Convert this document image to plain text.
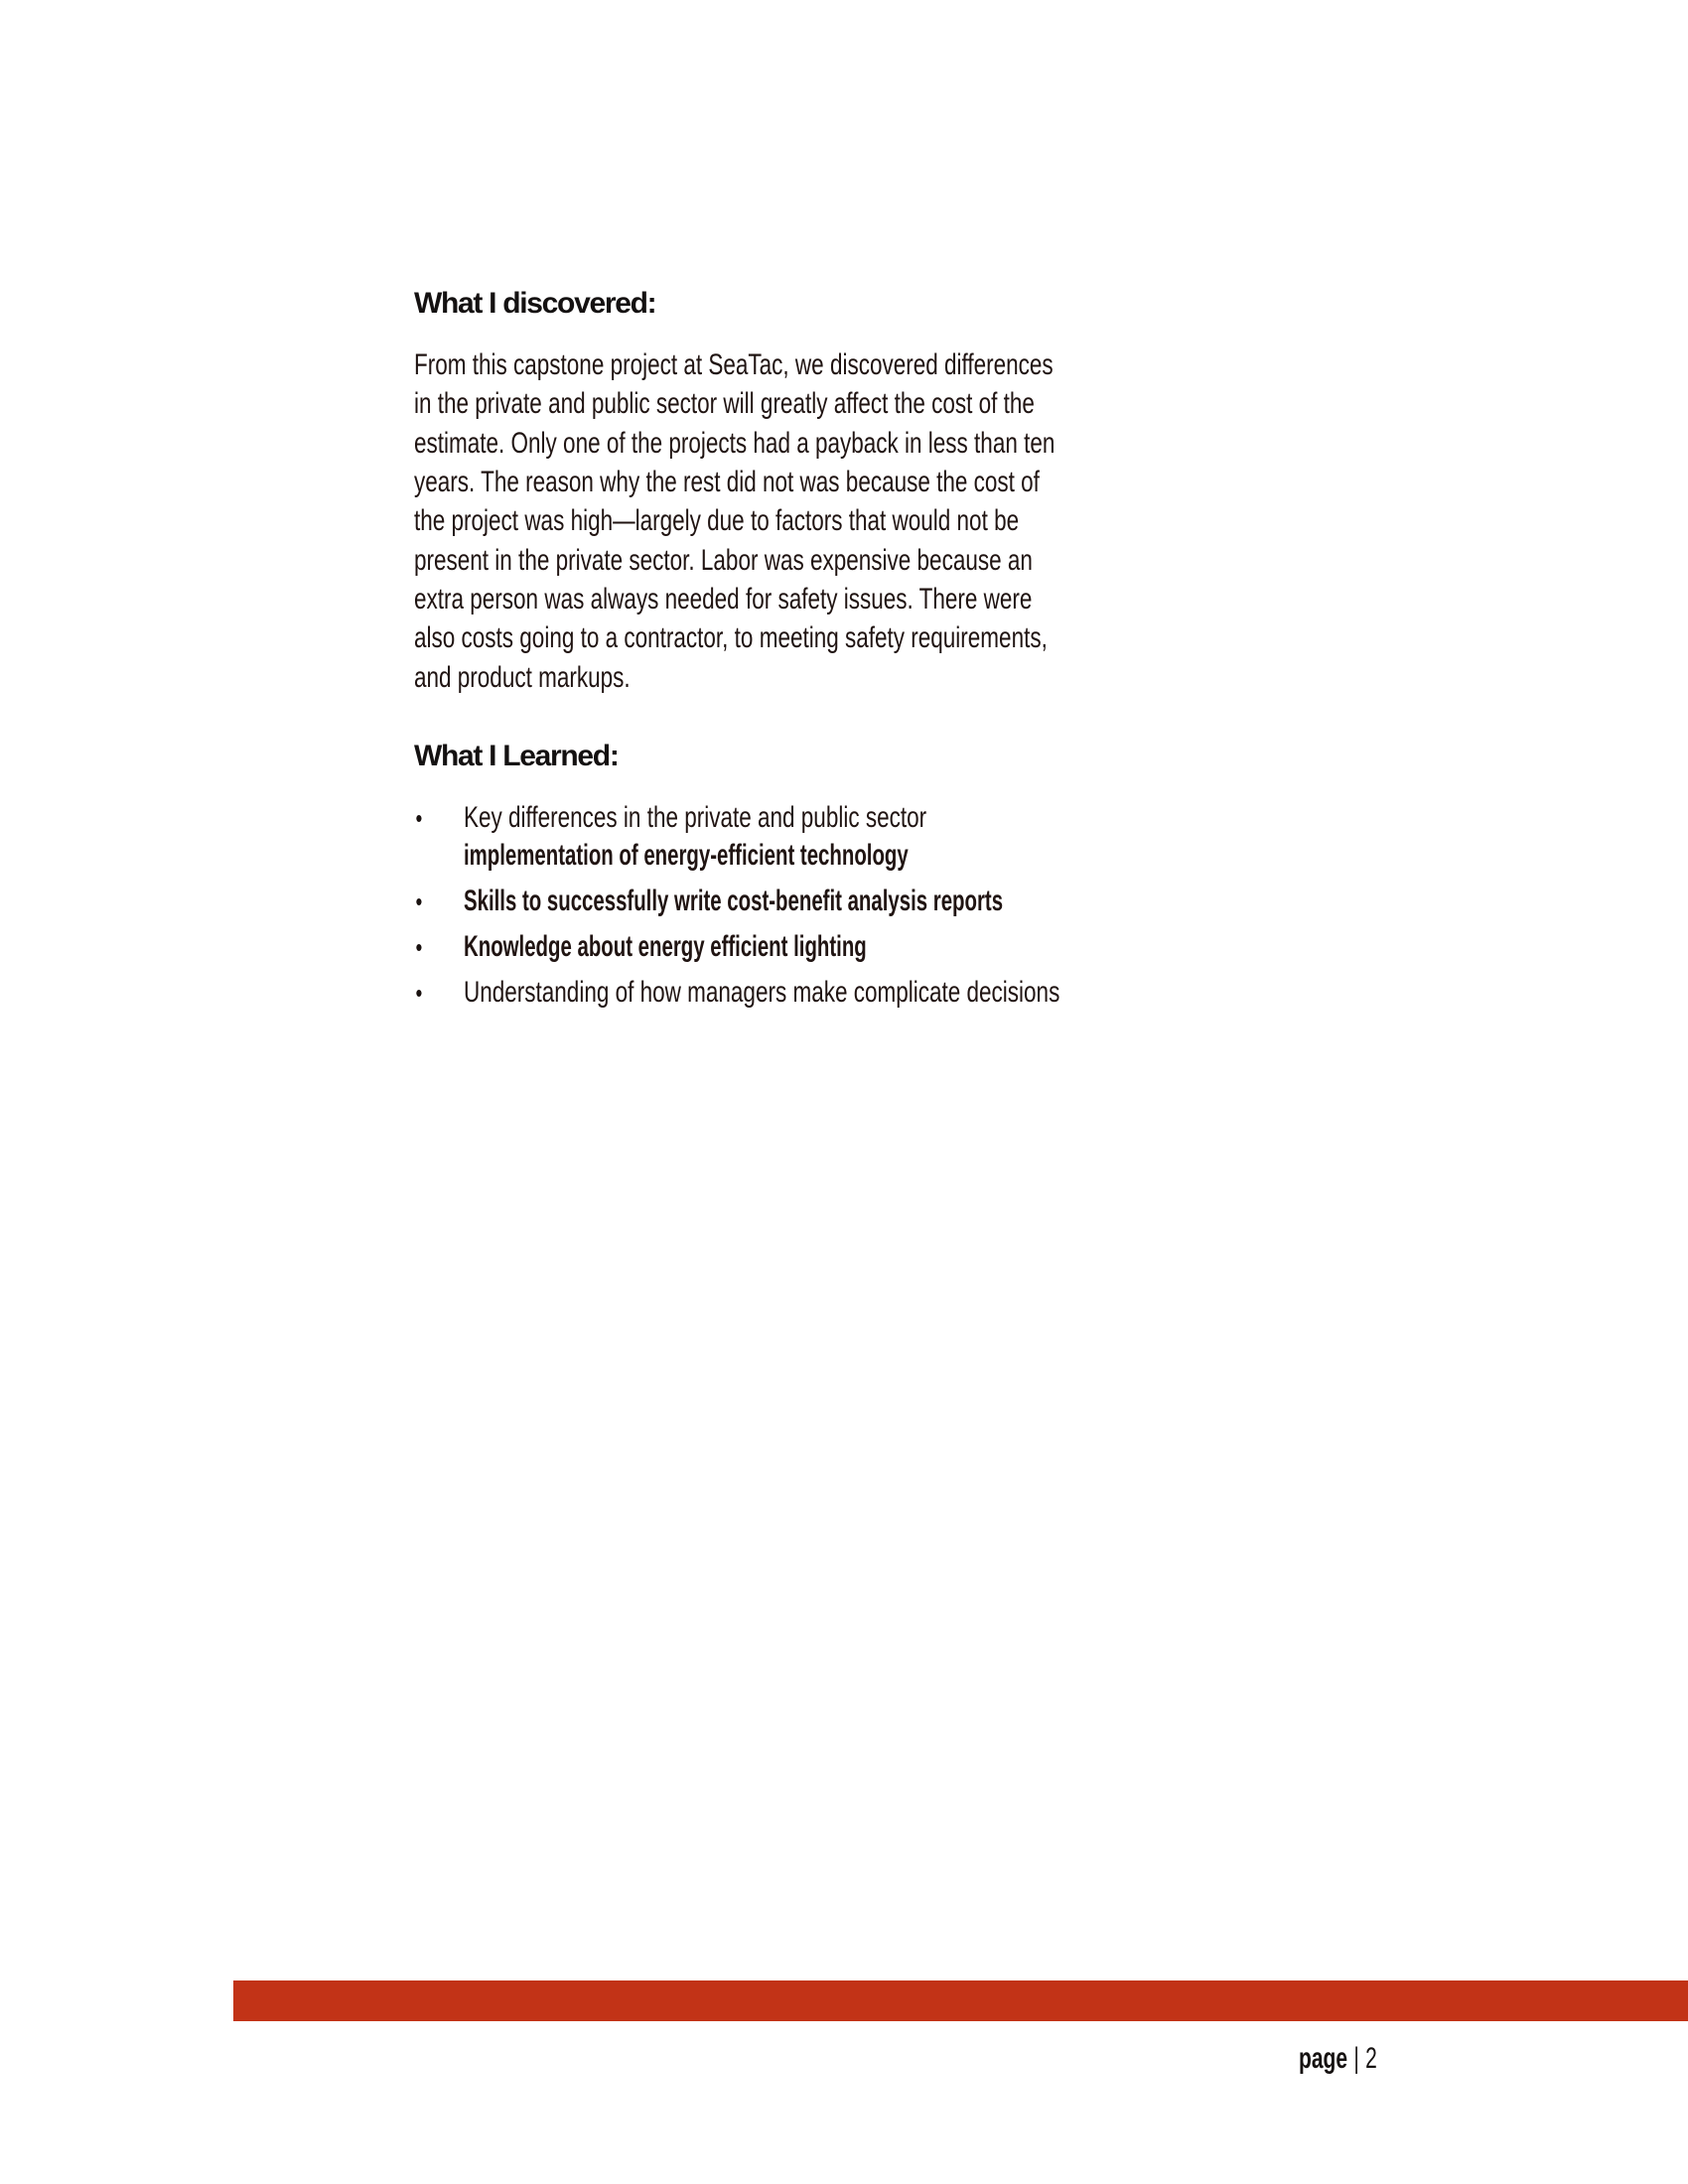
What I discovered:
From this capstone project at SeaTac, we discovered differences
in the private and public sector will greatly affect the cost of the
estimate. Only one of the projects had a payback in less than ten
years. The reason why the rest did not was because the cost of
the project was high—largely due to factors that would not be
present in the private sector. Labor was expensive because an
extra person was always needed for safety issues. There were
also costs going to a contractor, to meeting safety requirements,
and product markups.
What I Learned:
•	Key differences in the private and public sector
implementation of energy-efficient technology
•	Skills to successfully write cost-benefit analysis reports
•	Knowledge about energy efficient lighting
•	Understanding of how managers make complicate decisions
page | 2
